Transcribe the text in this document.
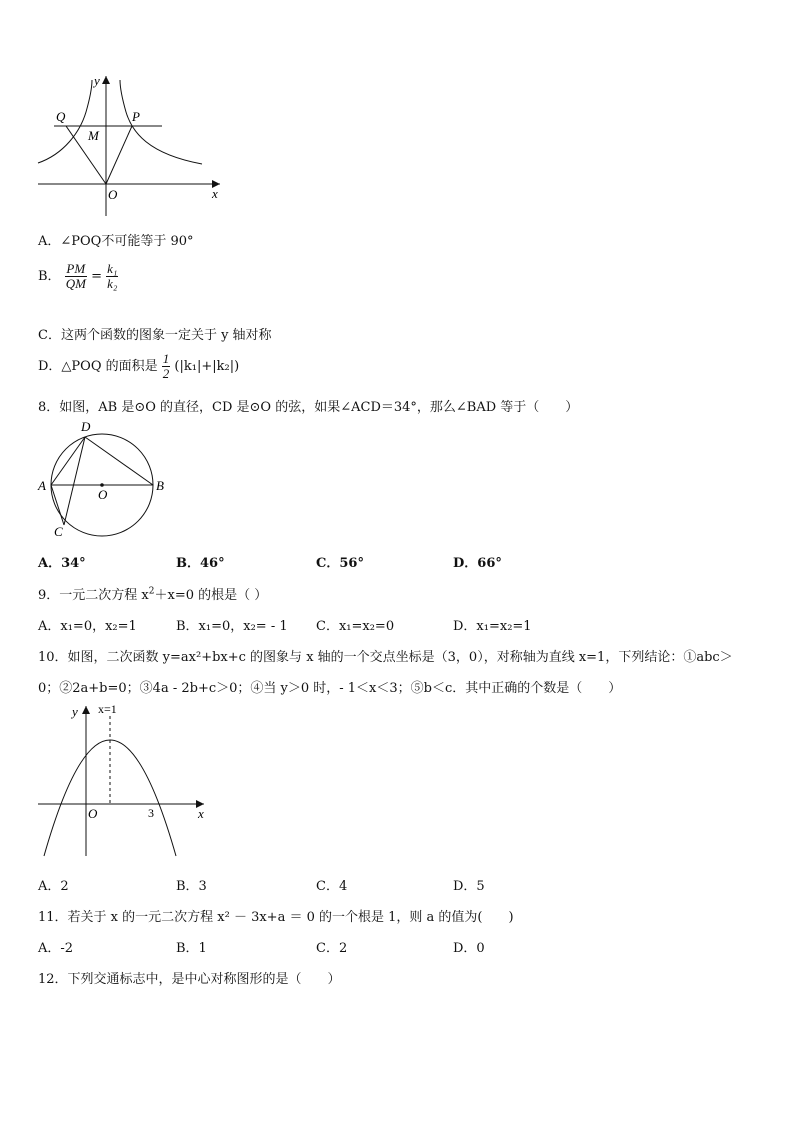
y
x
O
Q	P
M
A．∠POQ不可能等于 90°
B． $\frac{PM}{QM} = \frac{\text{k₁}}{\text{k₂}}$
C．这两个函数的图象一定关于 y 轴对称
D．△POQ 的面积是 $\frac{1}{2} (|k_1|+|k_2|)$
8．如图，AB 是⊙O 的直径，CD 是⊙O 的弦，如果∠ACD＝34°，那么∠BAD 等于（　　）
A	B
C
D
O
A．34°	B．46°	C．56°	D．66°
9．一元二次方程 $x^2+x=0$ 的根是（ ）
A．x₁=0，x₂=1	B．x₁=0，x₂= - 1 C．x₁=x₂=0	D．x₁=x₂=1
10．如图，二次函数 y=ax²+bx+c 的图象与 x 轴的一个交点坐标是（3，0），对称轴为直线 x=1，下列结论：①abc＞
0；②2a+b=0；③4a - 2b+c＞0；④当 y＞0 时，- 1＜x＜3；⑤b＜c．其中正确的个数是（　　）
y
x
O	3
x=1
A．2	B．3	C．4	D．5
11．若关于 x 的一元二次方程 x² － 3x+a ＝ 0 的一个根是 1，则 a 的值为(　　)
A．-2	B．1	C．2	D．0
12．下列交通标志中，是中心对称图形的是（　　）
